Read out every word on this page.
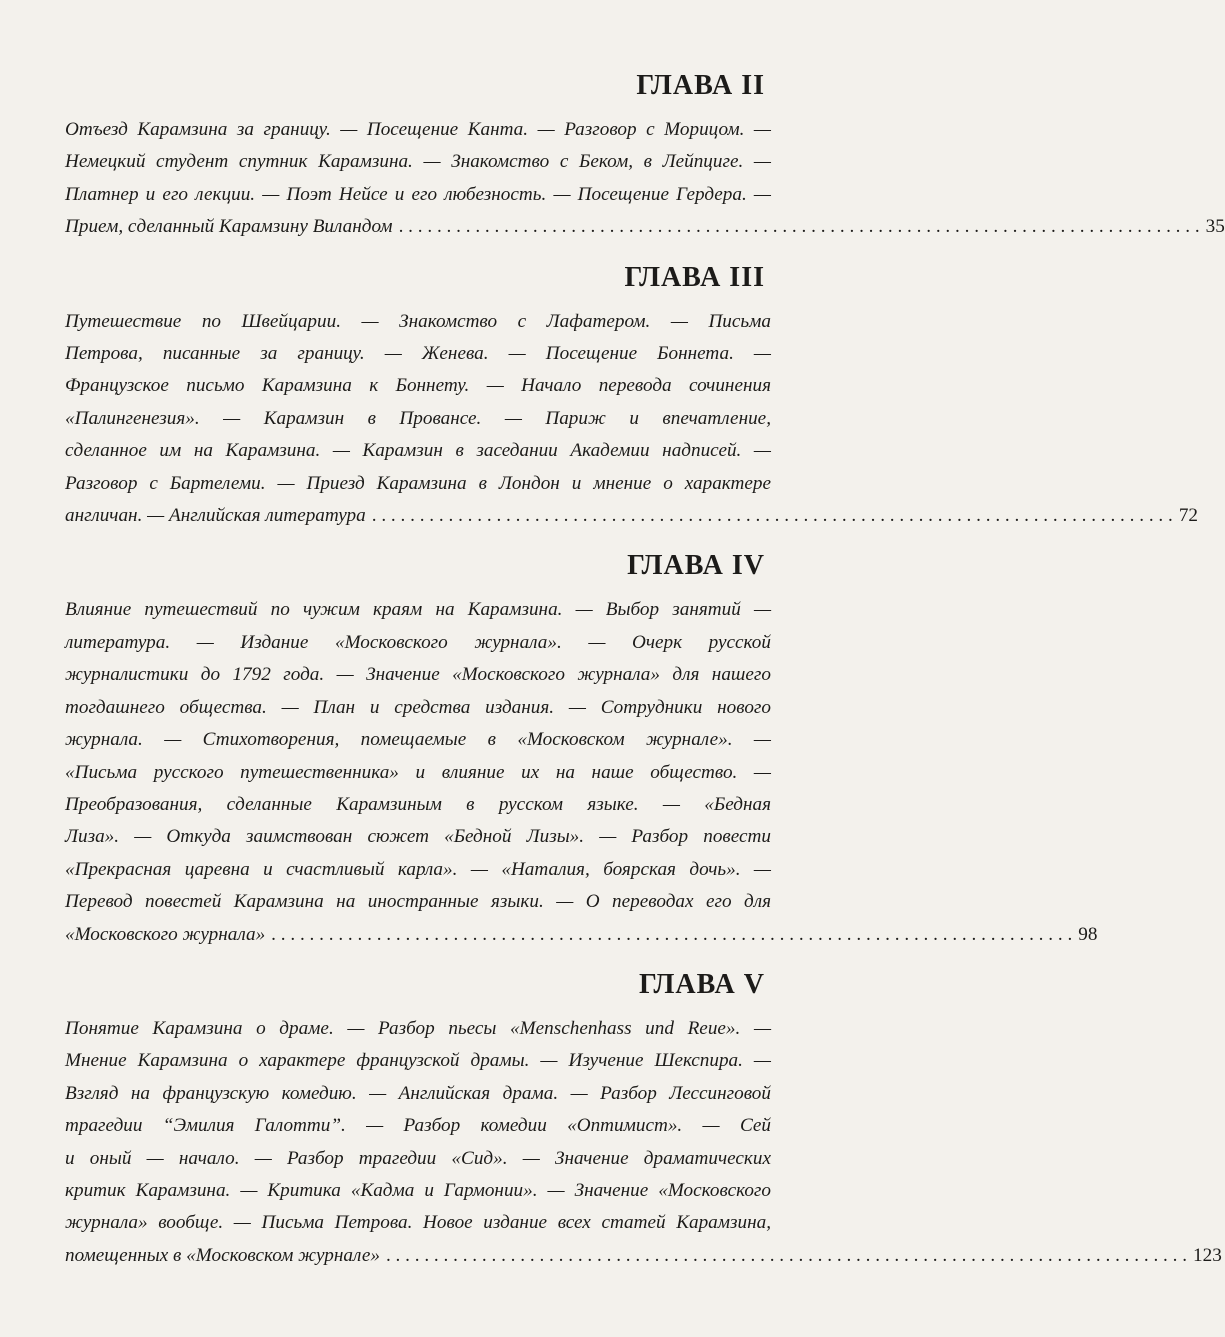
ГЛАВА II
Отъезд Карамзина за границу. — Посещение Канта. — Разговор с Морицом. —
Немецкий студент спутник Карамзина. — Знакомство с Беком, в Лейпциге. —
Платнер и его лекции. — Поэт Нейсе и его любезность. — Посещение Гердера. —
Прием, сделанный Карамзину Виландом . . . . . . . . . . . . . . . . . . . . . . . . . . . . . . . . . . . . . . . . . . . . . . . . . . . . . . . . . . . . . . . . . . . . . . . . . . . . . . . . . . . . 35
ГЛАВА III
Путешествие по Швейцарии. — Знакомство с Лафатером. — Письма
Петрова, писанные за границу. — Женева. — Посещение Боннета. —
Французское письмо Карамзина к Боннету. — Начало перевода сочинения
«Палингенезия». — Карамзин в Провансе. — Париж и впечатление,
сделанное им на Карамзина. — Карамзин в заседании Академии надписей. —
Разговор с Бартелеми. — Приезд Карамзина в Лондон и мнение о характере
англичан. — Английская литература . . . . . . . . . . . . . . . . . . . . . . . . . . . . . . . . . . . . . . . . . . . . . . . . . . . . . . . . . . . . . . . . . . . . . . . . . . . . . . . . . . . . 72
ГЛАВА IV
Влияние путешествий по чужим краям на Карамзина. — Выбор занятий —
литература. — Издание «Московского журнала». — Очерк русской
журналистики до 1792 года. — Значение «Московского журнала» для нашего
тогдашнего общества. — План и средства издания. — Сотрудники нового
журнала. — Стихотворения, помещаемые в «Московском журнале». —
«Письма русского путешественника» и влияние их на наше общество. —
Преобразования, сделанные Карамзиным в русском языке. — «Бедная
Лиза». — Откуда заимствован сюжет «Бедной Лизы». — Разбор повести
«Прекрасная царевна и счастливый карла». — «Наталия, боярская дочь». —
Перевод повестей Карамзина на иностранные языки. — О переводах его для
«Московского журнала» . . . . . . . . . . . . . . . . . . . . . . . . . . . . . . . . . . . . . . . . . . . . . . . . . . . . . . . . . . . . . . . . . . . . . . . . . . . . . . . . . . . . 98
ГЛАВА V
Понятие Карамзина о драме. — Разбор пьесы «Menschenhass und Reue». —
Мнение Карамзина о характере французской драмы. — Изучение Шекспира. —
Взгляд на французскую комедию. — Английская драма. — Разбор Лессинговой
трагедии “Эмилия Галотти”. — Разбор комедии «Оптимист». — Сей
и оный — начало. — Разбор трагедии «Сид». — Значение драматических
критик Карамзина. — Критика «Кадма и Гармонии». — Значение «Московского
журнала» вообще. — Письма Петрова. Новое издание всех статей Карамзина,
помещенных в «Московском журнале» . . . . . . . . . . . . . . . . . . . . . . . . . . . . . . . . . . . . . . . . . . . . . . . . . . . . . . . . . . . . . . . . . . . . . . . . . . . . . . . . . . . . 123
